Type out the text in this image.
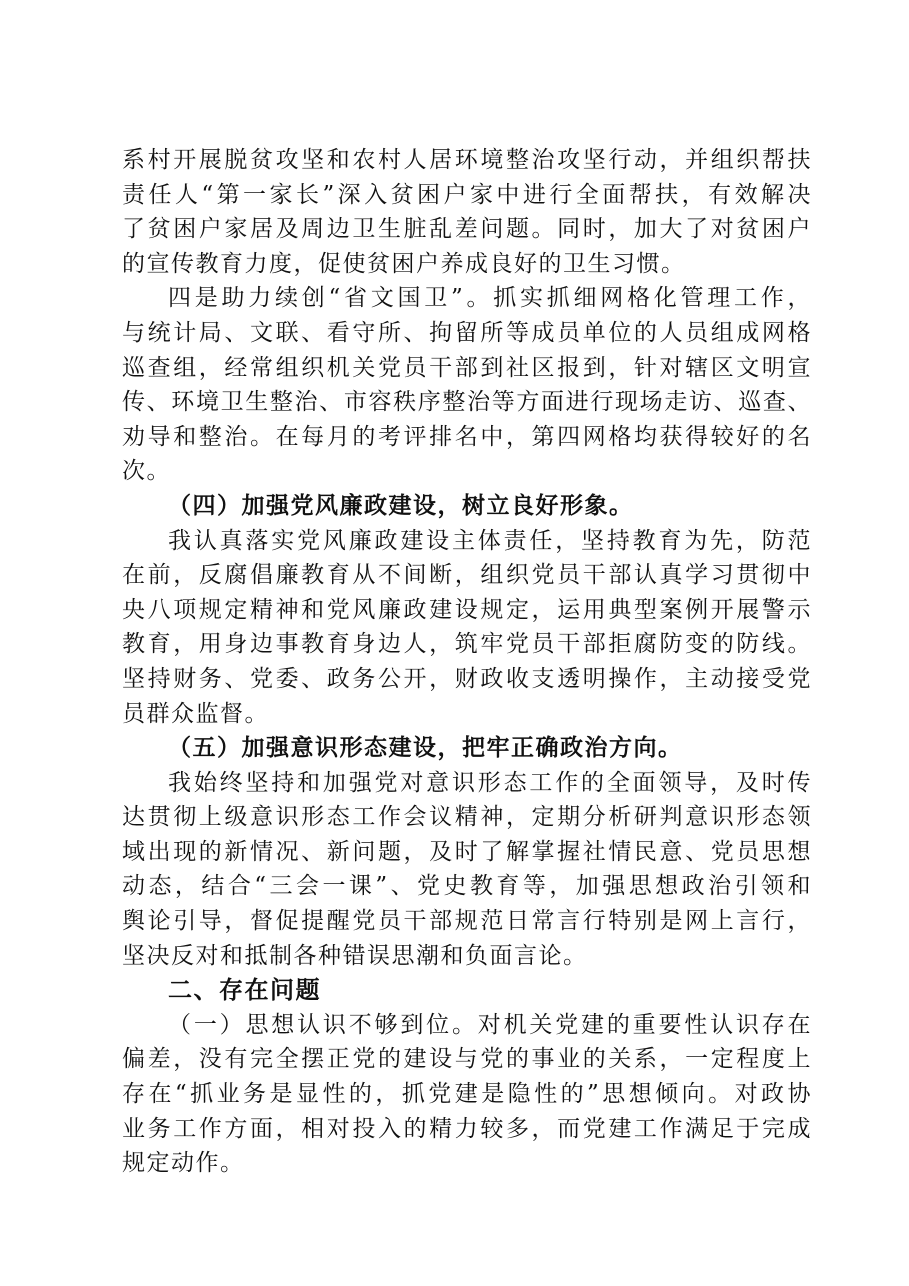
系村开展脱贫攻坚和农村人居环境整治攻坚行动，并组织帮扶
责任人“第一家长”深入贫困户家中进行全面帮扶，有效解决
了贫困户家居及周边卫生脏乱差问题。同时，加大了对贫困户
的宣传教育力度，促使贫困户养成良好的卫生习惯。
四是助力续创“省文国卫”。抓实抓细网格化管理工作，
与统计局、文联、看守所、拘留所等成员单位的人员组成网格
巡查组，经常组织机关党员干部到社区报到，针对辖区文明宣
传、环境卫生整治、市容秩序整治等方面进行现场走访、巡查、
劝导和整治。在每月的考评排名中，第四网格均获得较好的名
次。
（四）加强党风廉政建设，树立良好形象。
我认真落实党风廉政建设主体责任，坚持教育为先，防范
在前，反腐倡廉教育从不间断，组织党员干部认真学习贯彻中
央八项规定精神和党风廉政建设规定，运用典型案例开展警示
教育，用身边事教育身边人，筑牢党员干部拒腐防变的防线。
坚持财务、党委、政务公开，财政收支透明操作，主动接受党
员群众监督。
（五）加强意识形态建设，把牢正确政治方向。
我始终坚持和加强党对意识形态工作的全面领导，及时传
达贯彻上级意识形态工作会议精神，定期分析研判意识形态领
域出现的新情况、新问题，及时了解掌握社情民意、党员思想
动态，结合“三会一课”、党史教育等，加强思想政治引领和
舆论引导，督促提醒党员干部规范日常言行特别是网上言行，
坚决反对和抵制各种错误思潮和负面言论。
二、存在问题
（一）思想认识不够到位。对机关党建的重要性认识存在
偏差，没有完全摆正党的建设与党的事业的关系，一定程度上
存在“抓业务是显性的，抓党建是隐性的”思想倾向。对政协
业务工作方面，相对投入的精力较多，而党建工作满足于完成
规定动作。
